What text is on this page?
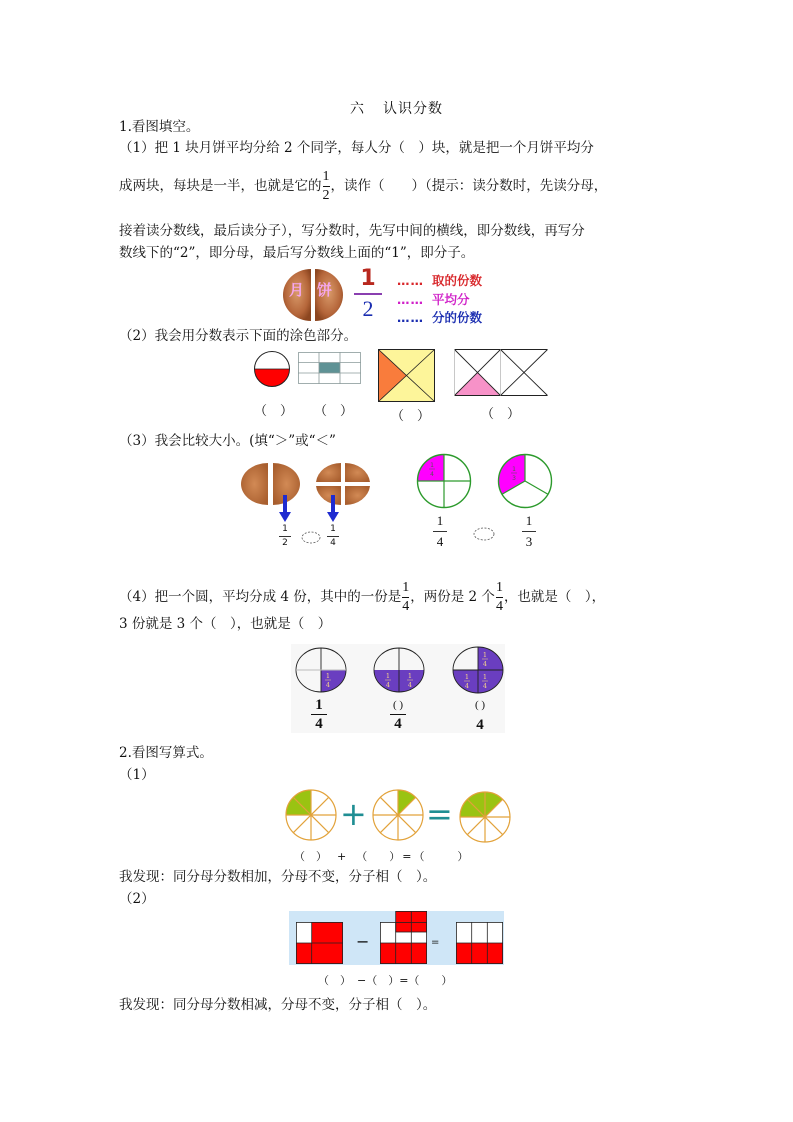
六 认识分数
1.看图填空。
（1）把 1 块月饼平均分给 2 个同学，每人分（　）块，就是把一个月饼平均分
成两块，每块是一半，也就是它的 $\frac{1}{2}$ ，读作（　　）（提示：读分数时，先读分母，
接着读分数线，最后读分子），写分数时，先写中间的横线，即分数线，再写分
数线下的“2”，即分母，最后写分数线上面的“1”，即分子。
月 饼 1
2
…… 取的份数
…… 平均分
…… 分的份数
（2）我会用分数表示下面的涂色部分。
（　） （　）	（　）	（　）
（3）我会比较大小。(填“＞”或“＜”
1
2
1
4
1
4
1
3
1
4
1
3
（4）把一个圆，平均分成 4 份，其中的一份是 $\frac{1}{4}$ ，两份是 2 个 $\frac{1}{4}$ ，也就是（　），
3 份就是 3 个（　），也就是（　）
1
4
1
4
1
4
1
4
1
4
1
4
1
4
( )
4
( )
4
2.看图写算式。
（1）
+ =
（　） + （　　） = （　　　）
我发现：同分母分数相加，分母不变，分子相（　）。
（2）
−	=
（　） −（　）=（　　）
我发现：同分母分数相减，分母不变，分子相（　）。
